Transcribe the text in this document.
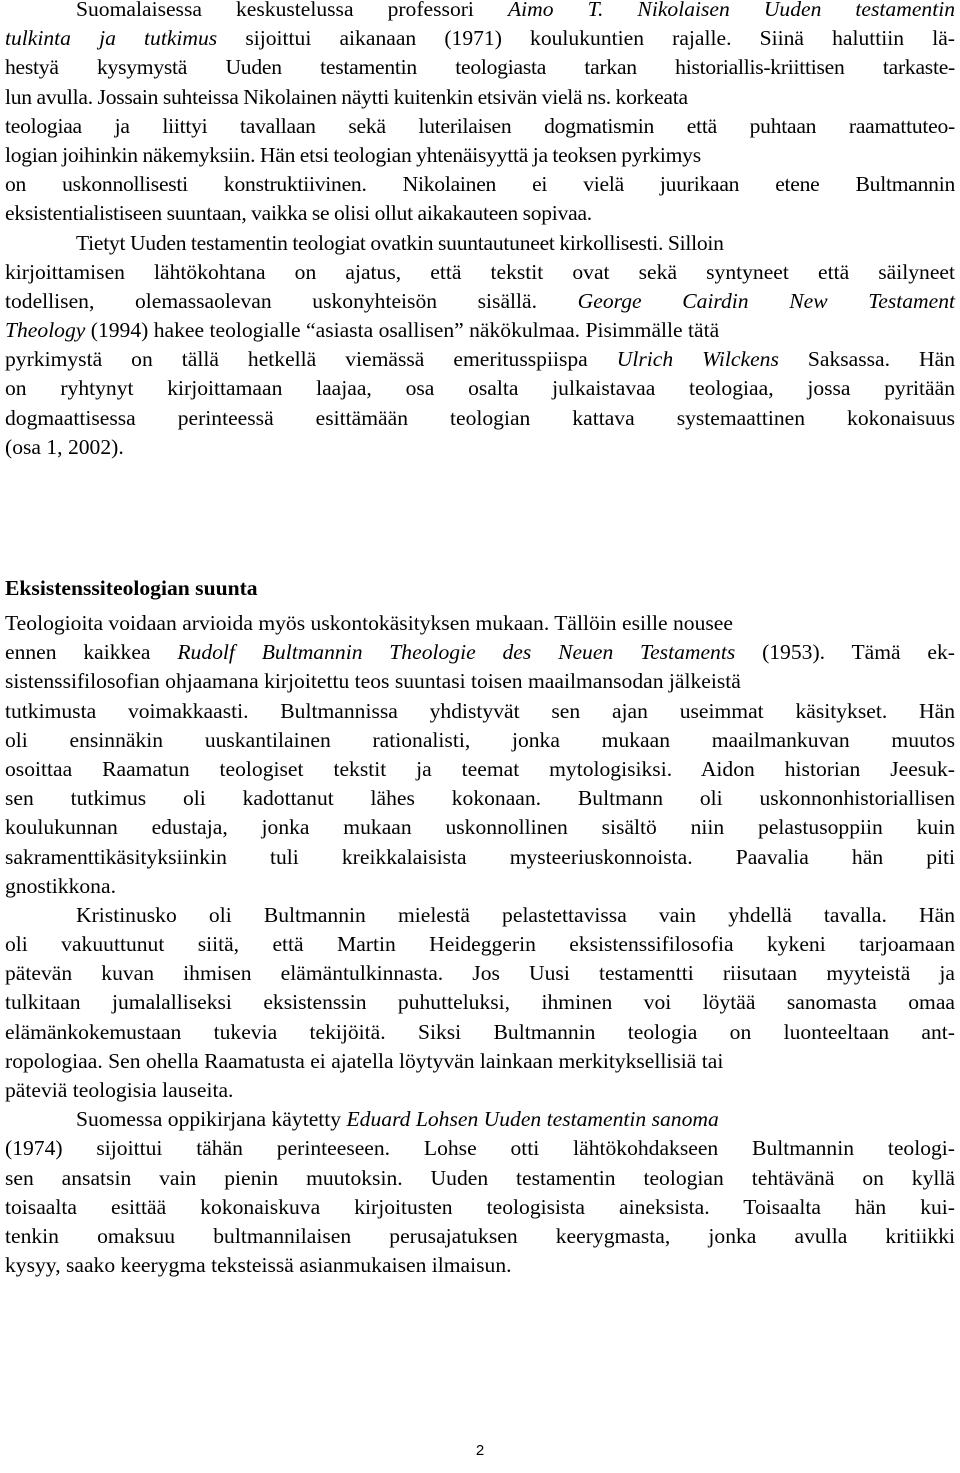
Suomalaisessa keskustelussa professori Aimo T. Nikolaisen Uuden testamentin
tulkinta ja tutkimus sijoittui aikanaan (1971) koulukuntien rajalle. Siinä haluttiin lä-
hestyä kysymystä Uuden testamentin teologiasta tarkan historiallis-kriittisen tarkaste-
lun avulla. Jossain suhteissa Nikolainen näytti kuitenkin etsivän vielä ns. korkeata
teologiaa ja liittyi tavallaan sekä luterilaisen dogmatismin että puhtaan raamattuteo-
logian joihinkin näkemyksiin. Hän etsi teologian yhtenäisyyttä ja teoksen pyrkimys
on uskonnollisesti konstruktiivinen. Nikolainen ei vielä juurikaan etene Bultmannin
eksistentialistiseen suuntaan, vaikka se olisi ollut aikakauteen sopivaa.
Tietyt Uuden testamentin teologiat ovatkin suuntautuneet kirkollisesti. Silloin
kirjoittamisen lähtökohtana on ajatus, että tekstit ovat sekä syntyneet että säilyneet
todellisen, olemassaolevan uskonyhteisön sisällä. George Cairdin New Testament
Theology (1994) hakee teologialle “asiasta osallisen” näkökulmaa. Pisimmälle tätä
pyrkimystä on tällä hetkellä viemässä emeritusspiispa Ulrich Wilckens Saksassa. Hän
on ryhtynyt kirjoittamaan laajaa, osa osalta julkaistavaa teologiaa, jossa pyritään
dogmaattisessa perinteessä esittämään teologian kattava systemaattinen kokonaisuus
(osa 1, 2002).
Eksistenssiteologian suunta
Teologioita voidaan arvioida myös uskontokäsityksen mukaan. Tällöin esille nousee
ennen kaikkea Rudolf Bultmannin Theologie des Neuen Testaments (1953). Tämä ek-
sistenssifilosofian ohjaamana kirjoitettu teos suuntasi toisen maailmansodan jälkeistä
tutkimusta voimakkaasti. Bultmannissa yhdistyvät sen ajan useimmat käsitykset. Hän
oli ensinnäkin uuskantilainen rationalisti, jonka mukaan maailmankuvan muutos
osoittaa Raamatun teologiset tekstit ja teemat mytologisiksi. Aidon historian Jeesuk-
sen tutkimus oli kadottanut lähes kokonaan. Bultmann oli uskonnonhistoriallisen
koulukunnan edustaja, jonka mukaan uskonnollinen sisältö niin pelastusoppiin kuin
sakramenttikäsityksiinkin tuli kreikkalaisista mysteeriuskonnoista. Paavalia hän piti
gnostikkona.
Kristinusko oli Bultmannin mielestä pelastettavissa vain yhdellä tavalla. Hän
oli vakuuttunut siitä, että Martin Heideggerin eksistenssifilosofia kykeni tarjoamaan
pätevän kuvan ihmisen elämäntulkinnasta. Jos Uusi testamentti riisutaan myyteistä ja
tulkitaan jumalalliseksi eksistenssin puhutteluksi, ihminen voi löytää sanomasta omaa
elämänkokemustaan tukevia tekijöitä. Siksi Bultmannin teologia on luonteeltaan ant-
ropologiaa. Sen ohella Raamatusta ei ajatella löytyvän lainkaan merkityksellisiä tai
päteviä teologisia lauseita.
Suomessa oppikirjana käytetty Eduard Lohsen Uuden testamentin sanoma
(1974) sijoittui tähän perinteeseen. Lohse otti lähtökohdakseen Bultmannin teologi-
sen ansatsin vain pienin muutoksin. Uuden testamentin teologian tehtävänä on kyllä
toisaalta esittää kokonaiskuva kirjoitusten teologisista aineksista. Toisaalta hän kui-
tenkin omaksuu bultmannilaisen perusajatuksen keerygmasta, jonka avulla kritiikki
kysyy, saako keerygma teksteissä asianmukaisen ilmaisun.
2
